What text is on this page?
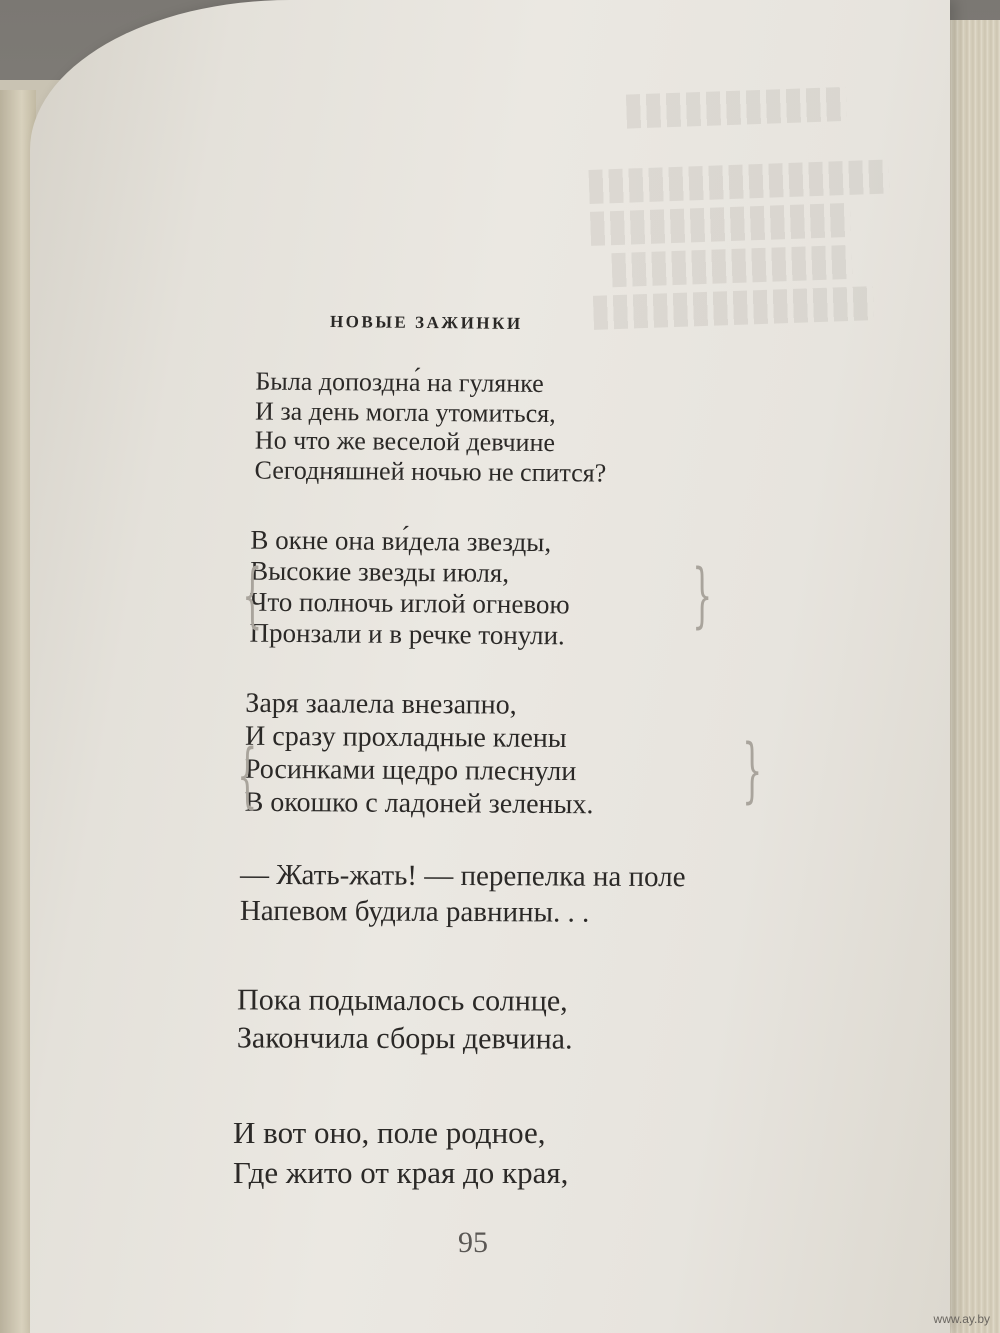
НОВЫЕ ЗАЖИНКИ
Была допоздна́ на гулянке
И за день могла утомиться,
Но что же веселой девчине
Сегодняшней ночью не спится?
В окне она ви́дела звезды,
Высокие звезды июля,
Что полночь иглой огневою
Пронзали и в речке тонули.
{	{
Заря заалела внезапно,
И сразу прохладные клены
Росинками щедро плеснули
В окошко с ладоней зеленых.
{	{
— Жать-жать! — перепелка на поле
Напевом будила равнины. . .
Пока подымалось солнце,
Закончила сборы девчина.
И вот оно, поле родное,
Где жито от края до края,
95
www.ay.by
